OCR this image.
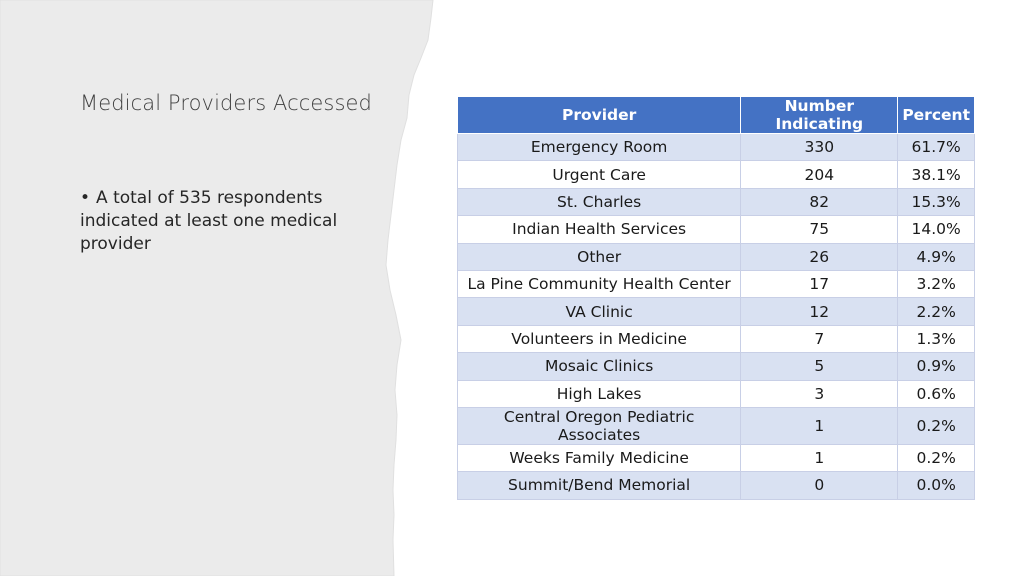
Medical Providers Accessed
• A total of 535 respondents indicated at least one medical provider
Provider	Number Indicating	Percent
Emergency Room	330	61.7%
Urgent Care	204	38.1%
St. Charles	82	15.3%
Indian Health Services	75	14.0%
Other	26	4.9%
La Pine Community Health Center	17	3.2%
VA Clinic	12	2.2%
Volunteers in Medicine	7	1.3%
Mosaic Clinics	5	0.9%
High Lakes	3	0.6%
Central Oregon Pediatric Associates	1	0.2%
Weeks Family Medicine	1	0.2%
Summit/Bend Memorial	0	0.0%
